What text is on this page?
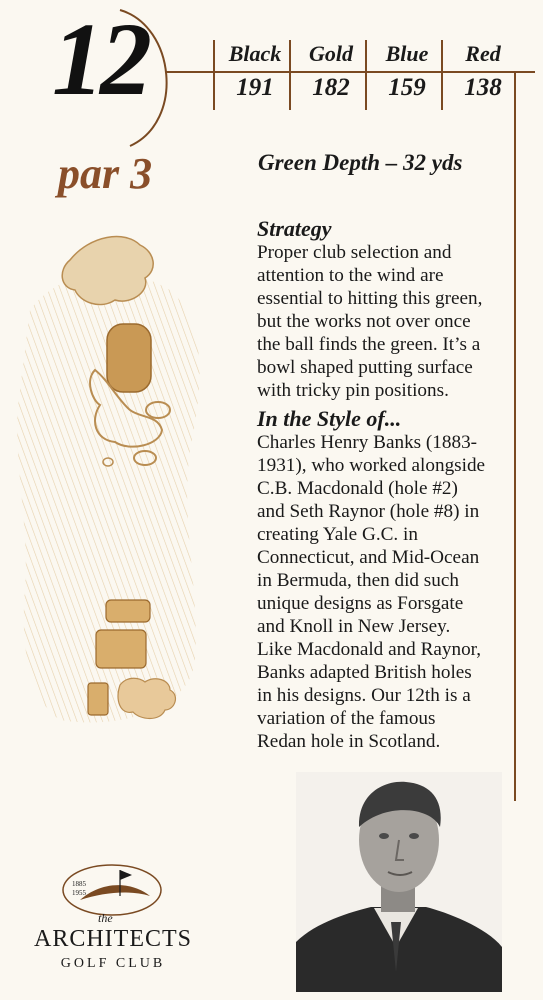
12	Black
191
Gold
182
Blue
159
Red
138
par 3	Green Depth – 32 yds
Strategy
Proper club selection and
attention to the wind are
essential to hitting this green,
but the works not over once
the ball finds the green. It’s a
bowl shaped putting surface
with tricky pin positions.
In the Style of...
Charles Henry Banks (1883-
1931), who worked alongside
C.B. Macdonald (hole #2)
and Seth Raynor (hole #8) in
creating Yale G.C. in
Connecticut, and Mid-Ocean
in Bermuda, then did such
unique designs as Forsgate
and Knoll in New Jersey.
Like Macdonald and Raynor,
Banks adapted British holes
in his designs. Our 12th is a
variation of the famous
Redan hole in Scotland.
1885
1955
the
ARCHITECTS
GOLF CLUB
